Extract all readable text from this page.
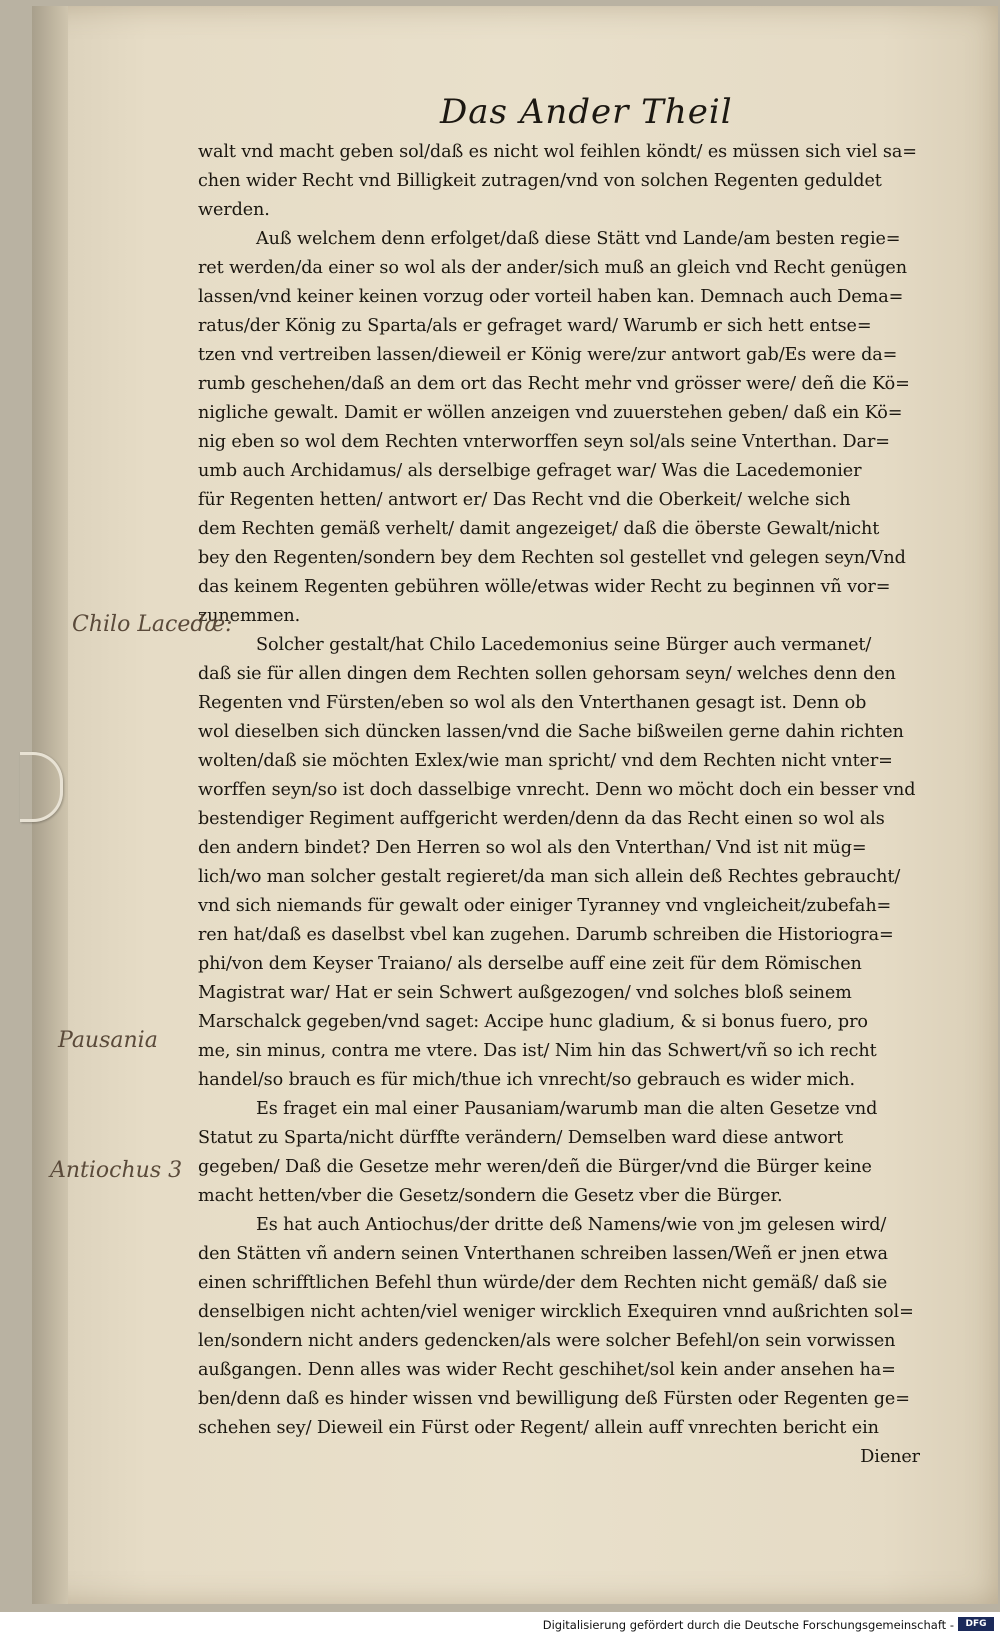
Das Ander Theil
walt vnd macht geben sol/daß es nicht wol feihlen köndt/ es müssen sich viel sa=
chen wider Recht vnd Billigkeit zutragen/vnd von solchen Regenten geduldet
werden.
Auß welchem denn erfolget/daß diese Stätt vnd Lande/am besten regie=
ret werden/da einer so wol als der ander/sich muß an gleich vnd Recht genügen
lassen/vnd keiner keinen vorzug oder vorteil haben kan. Demnach auch Dema=
ratus/der König zu Sparta/als er gefraget ward/ Warumb er sich hett entse=
tzen vnd vertreiben lassen/dieweil er König were/zur antwort gab/Es were da=
rumb geschehen/daß an dem ort das Recht mehr vnd grösser were/ deñ die Kö=
nigliche gewalt. Damit er wöllen anzeigen vnd zuuerstehen geben/ daß ein Kö=
nig eben so wol dem Rechten vnterworffen seyn sol/als seine Vnterthan. Dar=
umb auch Archidamus/ als derselbige gefraget war/ Was die Lacedemonier
für Regenten hetten/ antwort er/ Das Recht vnd die Oberkeit/ welche sich
dem Rechten gemäß verhelt/ damit angezeiget/ daß die öberste Gewalt/nicht
bey den Regenten/sondern bey dem Rechten sol gestellet vnd gelegen seyn/Vnd
das keinem Regenten gebühren wölle/etwas wider Recht zu beginnen vñ vor=
zunemmen.
Solcher gestalt/hat Chilo Lacedemonius seine Bürger auch vermanet/
daß sie für allen dingen dem Rechten sollen gehorsam seyn/ welches denn den
Regenten vnd Fürsten/eben so wol als den Vnterthanen gesagt ist. Denn ob
wol dieselben sich düncken lassen/vnd die Sache bißweilen gerne dahin richten
wolten/daß sie möchten Exlex/wie man spricht/ vnd dem Rechten nicht vnter=
worffen seyn/so ist doch dasselbige vnrecht. Denn wo möcht doch ein besser vnd
bestendiger Regiment auffgericht werden/denn da das Recht einen so wol als
den andern bindet? Den Herren so wol als den Vnterthan/ Vnd ist nit müg=
lich/wo man solcher gestalt regieret/da man sich allein deß Rechtes gebraucht/
vnd sich niemands für gewalt oder einiger Tyranney vnd vngleicheit/zubefah=
ren hat/daß es daselbst vbel kan zugehen. Darumb schreiben die Historiogra=
phi/von dem Keyser Traiano/ als derselbe auff eine zeit für dem Römischen
Magistrat war/ Hat er sein Schwert außgezogen/ vnd solches bloß seinem
Marschalck gegeben/vnd saget: Accipe hunc gladium, & si bonus fuero, pro
me, sin minus, contra me vtere. Das ist/ Nim hin das Schwert/vñ so ich recht
handel/so brauch es für mich/thue ich vnrecht/so gebrauch es wider mich.
Es fraget ein mal einer Pausaniam/warumb man die alten Gesetze vnd
Statut zu Sparta/nicht dürffte verändern/ Demselben ward diese antwort
gegeben/ Daß die Gesetze mehr weren/deñ die Bürger/vnd die Bürger keine
macht hetten/vber die Gesetz/sondern die Gesetz vber die Bürger.
Es hat auch Antiochus/der dritte deß Namens/wie von jm gelesen wird/
den Stätten vñ andern seinen Vnterthanen schreiben lassen/Weñ er jnen etwa
einen schrifftlichen Befehl thun würde/der dem Rechten nicht gemäß/ daß sie
denselbigen nicht achten/viel weniger wircklich Exequiren vnnd außrichten sol=
len/sondern nicht anders gedencken/als were solcher Befehl/on sein vorwissen
außgangen. Denn alles was wider Recht geschihet/sol kein ander ansehen ha=
ben/denn daß es hinder wissen vnd bewilligung deß Fürsten oder Regenten ge=
schehen sey/ Dieweil ein Fürst oder Regent/ allein auff vnrechten bericht ein
Diener
Chilo Lacedæ:
Pausania
Antiochus 3
Digitalisierung gefördert durch die Deutsche Forschungsgemeinschaft -	DFG
